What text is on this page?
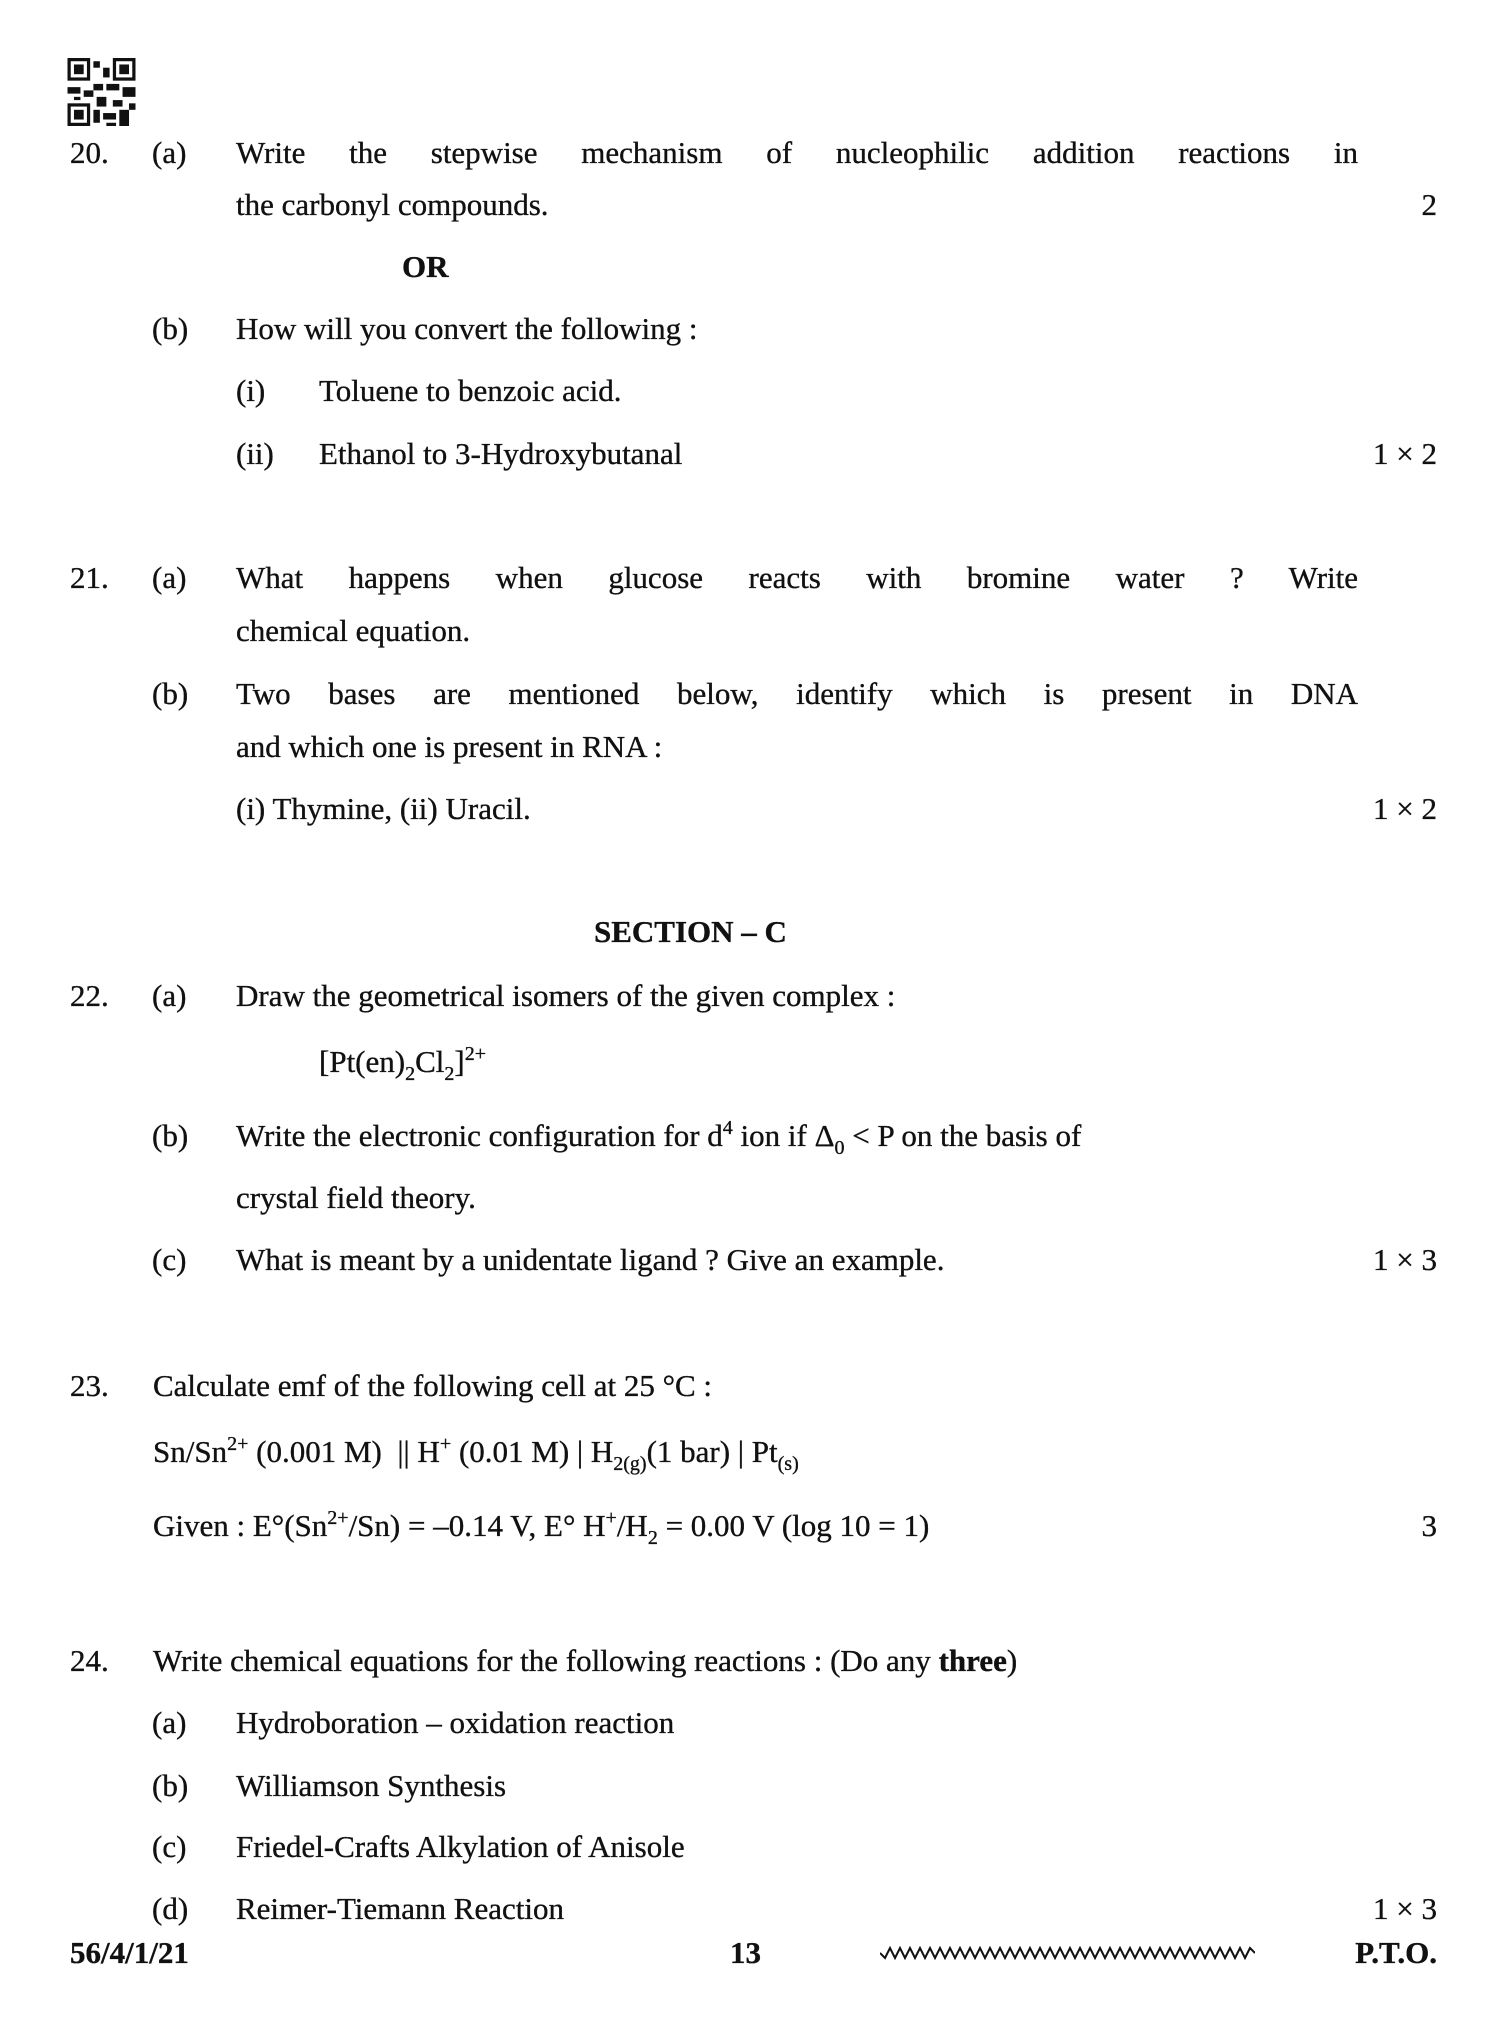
20. (a) Write the stepwise mechanism of nucleophilic addition reactions in
the carbonyl compounds.	2
OR
(b) How will you convert the following :
(i) Toluene to benzoic acid.
(ii) Ethanol to 3-Hydroxybutanal	1 × 2
21. (a) What happens when glucose reacts with bromine water ? Write
chemical equation.
(b) Two bases are mentioned below, identify which is present in DNA
and which one is present in RNA :
(i) Thymine, (ii) Uracil.	1 × 2
SECTION – C
22. (a) Draw the geometrical isomers of the given complex :
$[Pt(en)_2Cl_2]^{2+}$
(b) Write the electronic configuration for $d^4$ ion if $\Delta_0 < P$ on the basis of
crystal field theory.
(c) What is meant by a unidentate ligand ? Give an example.	1 × 3
23. Calculate emf of the following cell at 25 °C :
$Sn/Sn^{2+}$ (0.001 M)  || H+ (0.01 M) | $H_{2(g)}(1$ bar) | $Pt_{(s)}$
Given : $E^\circ(Sn^{2+}/Sn) = -0.14$ V, E° $H^+/H_2 = 0.00$ V (log 10 = 1)	3
24. Write chemical equations for the following reactions : (Do any three)
(a) Hydroboration – oxidation reaction
(b) Williamson Synthesis
(c) Friedel-Crafts Alkylation of Anisole
(d) Reimer-Tiemann Reaction	1 × 3
56/4/1/21	13	P.T.O.
